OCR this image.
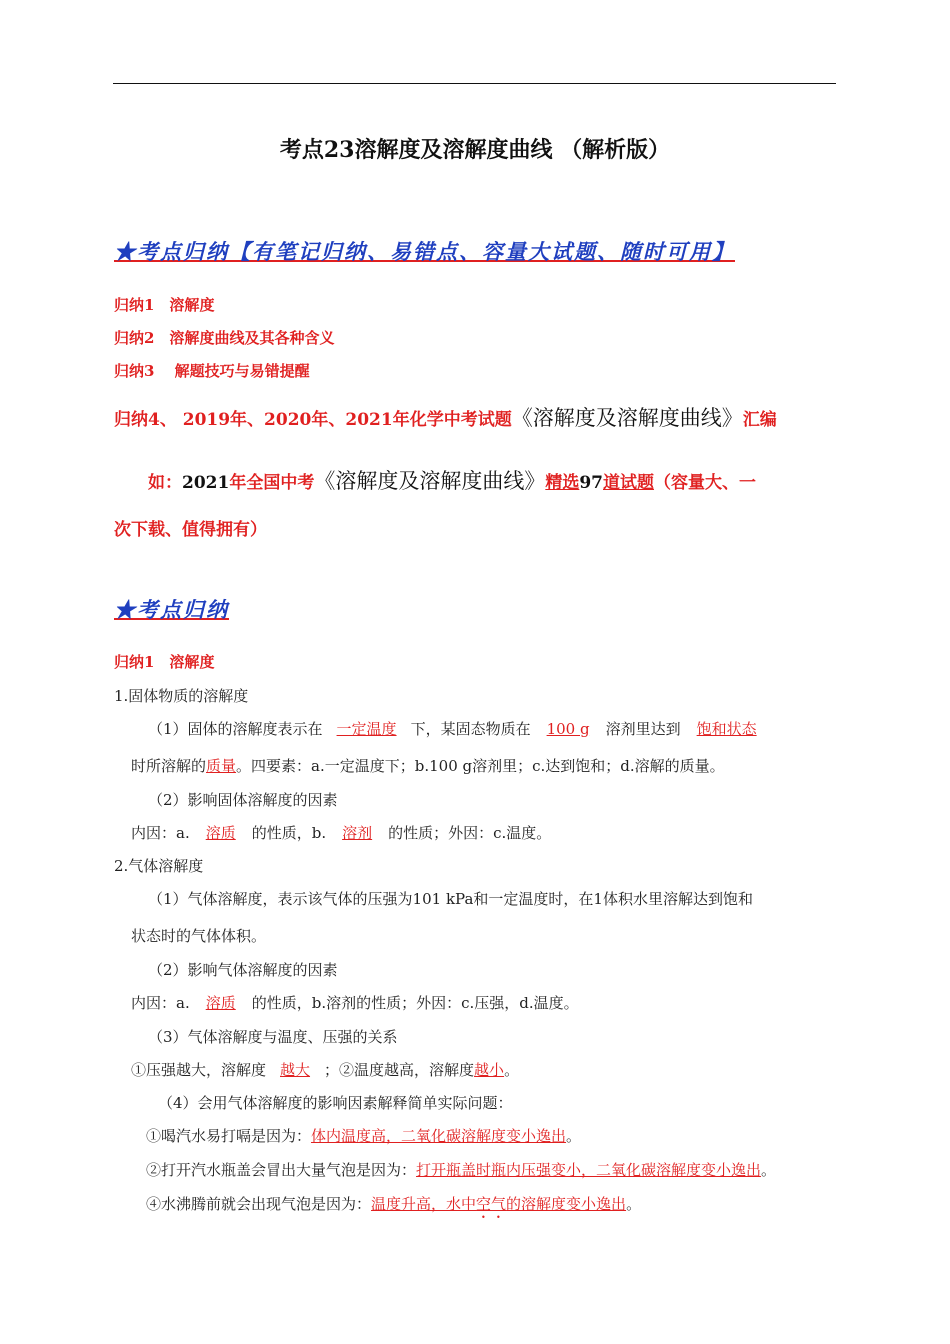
考点23溶解度及溶解度曲线 （解析版）
★考点归纳【有笔记归纳、易错点、容量大试题、随时可用】
归纳1　溶解度
归纳2　溶解度曲线及其各种含义
归纳3　 解题技巧与易错提醒
归纳4、 2019年、2020年、2021年化学中考试题《溶解度及溶解度曲线》汇编
如：2021年全国中考《溶解度及溶解度曲线》精选97道试题（容量大、一
次下载、值得拥有）
★考点归纳
归纳1　溶解度
1.固体物质的溶解度
（1）固体的溶解度表示在 一定温度 下，某固态物质在 100 g 溶剂里达到 饱和状态
时所溶解的质量。四要素：a.一定温度下；b.100 g溶剂里；c.达到饱和；d.溶解的质量。
（2）影响固体溶解度的因素
内因：a. 溶质 的性质，b. 溶剂 的性质；外因：c.温度。
2.气体溶解度
（1）气体溶解度，表示该气体的压强为101 kPa和一定温度时，在1体积水里溶解达到饱和
状态时的气体体积。
（2）影响气体溶解度的因素
内因：a. 溶质 的性质，b.溶剂的性质；外因：c.压强，d.温度。
（3）气体溶解度与温度、压强的关系
①压强越大，溶解度 越大 ；②温度越高，溶解度越小。
（4）会用气体溶解度的影响因素解释简单实际问题：
①喝汽水易打嗝是因为：体内温度高，二氧化碳溶解度变小逸出。
②打开汽水瓶盖会冒出大量气泡是因为：打开瓶盖时瓶内压强变小，二氧化碳溶解度变小逸出。
④水沸腾前就会出现气泡是因为：温度升高，水中空气的溶解度变小逸出。
